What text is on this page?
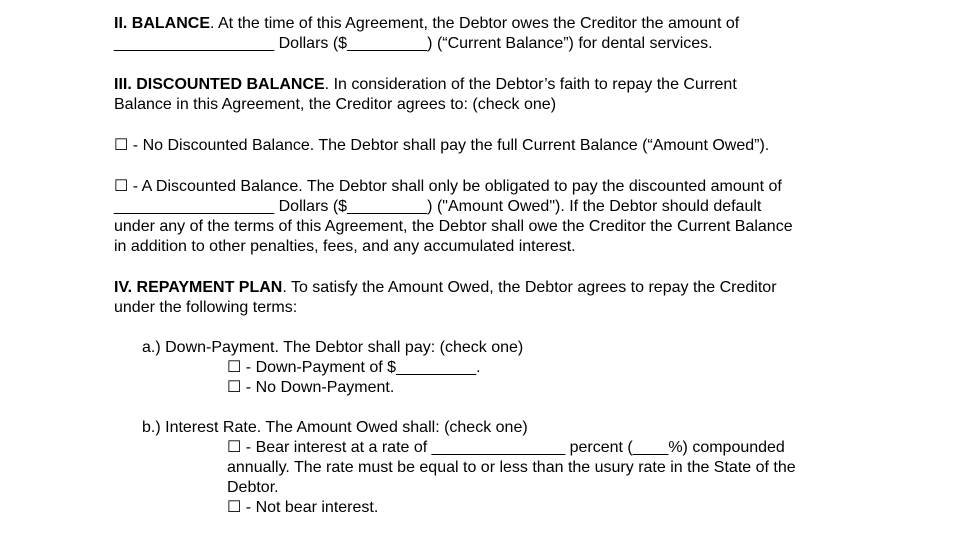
II. BALANCE. At the time of this Agreement, the Debtor owes the Creditor the amount of

__________________ Dollars ($_________) (“Current Balance”) for dental services.

III. DISCOUNTED BALANCE. In consideration of the Debtor’s faith to repay the Current

Balance in this Agreement, the Creditor agrees to: (check one)

☐ - No Discounted Balance. The Debtor shall pay the full Current Balance (“Amount Owed”).

☐ - A Discounted Balance. The Debtor shall only be obligated to pay the discounted amount of

__________________ Dollars ($_________) ("Amount Owed"). If the Debtor should default

under any of the terms of this Agreement, the Debtor shall owe the Creditor the Current Balance

in addition to other penalties, fees, and any accumulated interest.

IV. REPAYMENT PLAN. To satisfy the Amount Owed, the Debtor agrees to repay the Creditor

under the following terms:

a.) Down-Payment. The Debtor shall pay: (check one)

☐ - Down-Payment of $_________.

☐ - No Down-Payment.

b.) Interest Rate. The Amount Owed shall: (check one)

☐ - Bear interest at a rate of _______________ percent (____%) compounded

annually. The rate must be equal to or less than the usury rate in the State of the

Debtor.

☐ - Not bear interest.
